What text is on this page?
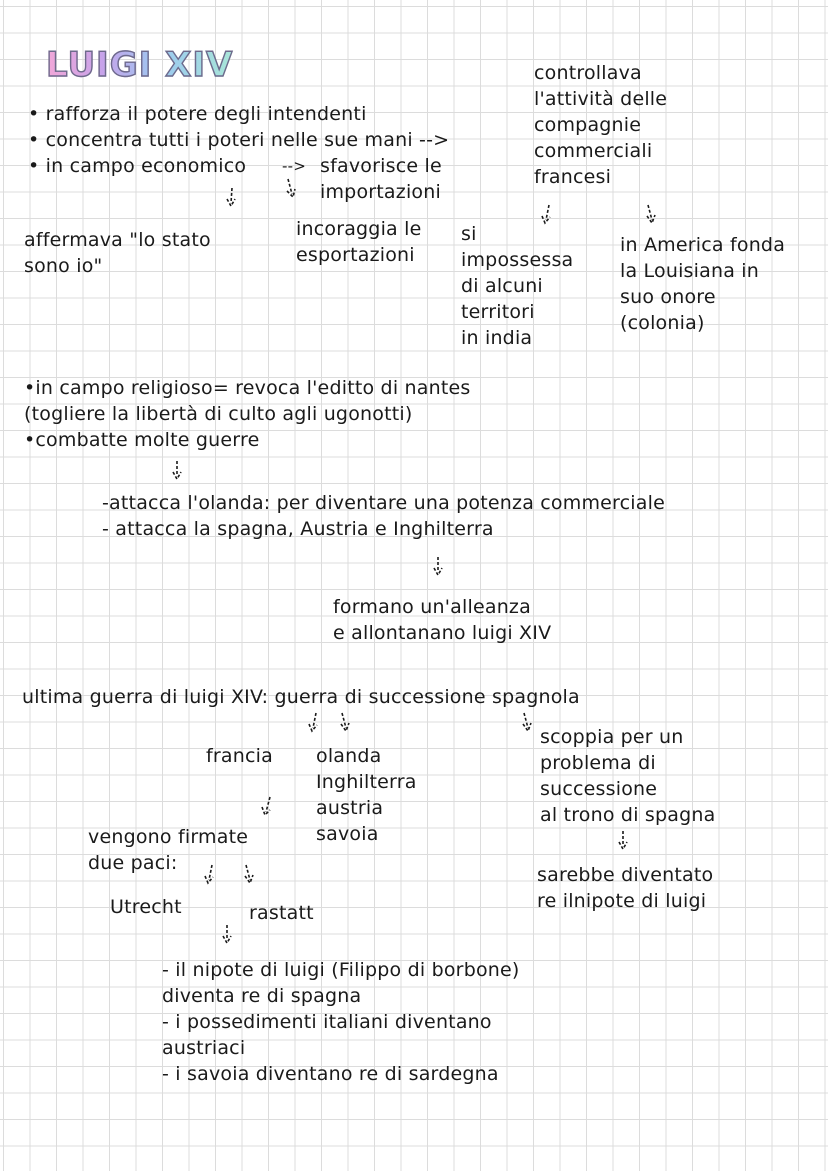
LUIGI XIV
• rafforza il potere degli intendenti
• concentra tutti i poteri nelle sue mani -->
• in campo economico --> sfavorisce le
importazioni
controllava
l'attività delle
compagnie
commerciali
francesi
affermava "lo stato
sono io"
incoraggia le
esportazioni
si
impossessa
di alcuni
territori
in india
in America fonda
la Louisiana in
suo onore
(colonia)
•in campo religioso= revoca l'editto di nantes
(togliere la libertà di culto agli ugonotti)
•combatte molte guerre
-attacca l'olanda: per diventare una potenza commerciale
- attacca la spagna, Austria e Inghilterra
formano un'alleanza
e allontanano luigi XIV
ultima guerra di luigi XIV: guerra di successione spagnola
francia olanda
Inghilterra
austria
savoia
scoppia per un
problema di
successione
al trono di spagna
vengono firmate
due paci:
sarebbe diventato
re ilnipote di luigi
Utrecht	rastatt
- il nipote di luigi (Filippo di borbone)
diventa re di spagna
- i possedimenti italiani diventano
austriaci
- i savoia diventano re di sardegna
